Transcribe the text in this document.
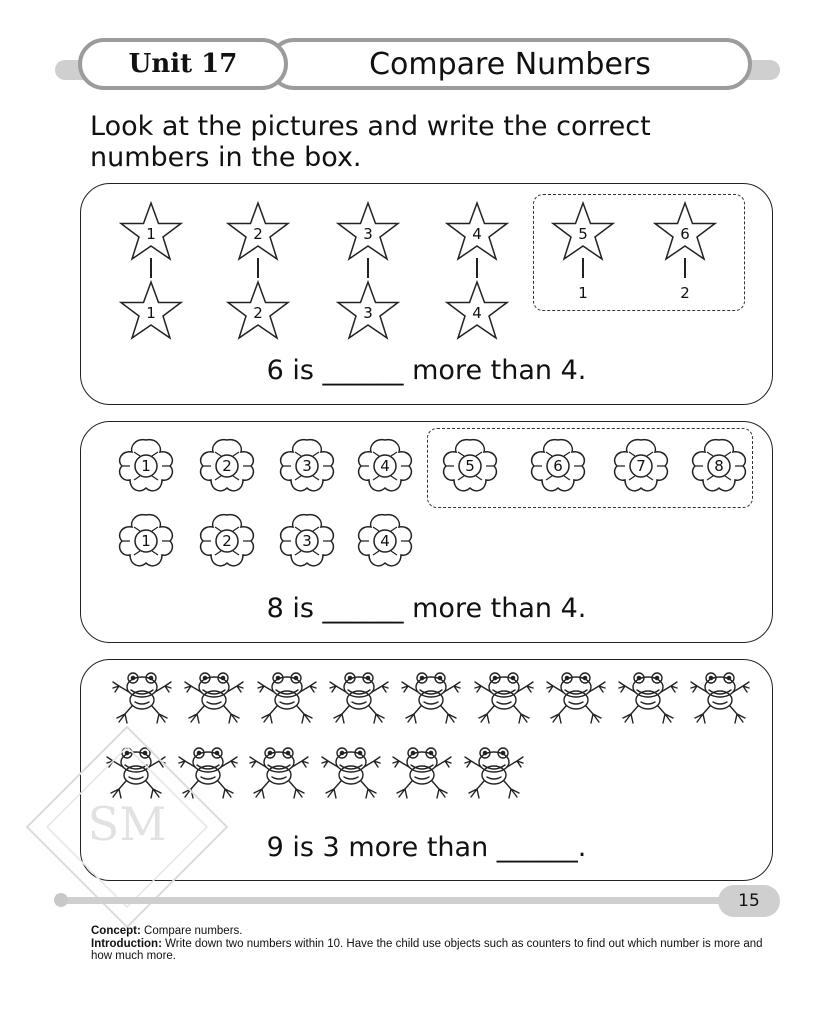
Compare Numbers
Unit 17
Look at the pictures and write the correct numbers in the box.
1	2	3	4	5	6
1	2
1	2	3	4
6 is ______ more than 4.
1	2	3	4	5	6	7	8
1	2	3	4
8 is ______ more than 4.
9 is 3 more than ______.
SM
15
Concept: Compare numbers.
Introduction: Write down two numbers within 10. Have the child use objects such as counters to find out which number is more and how much more.
